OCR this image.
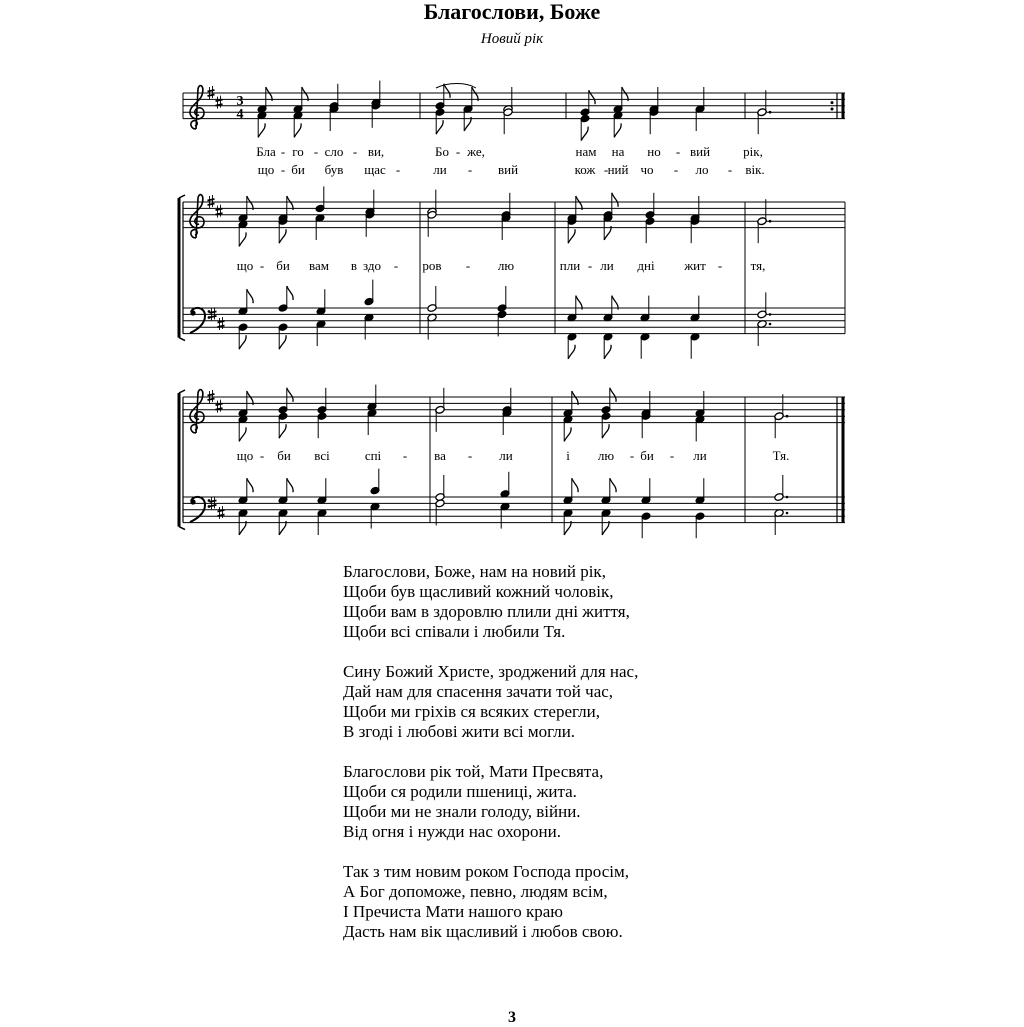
Благослови, Боже
Новий рік
3
4
Бла - го - сло - ви,	Бо - же,	нам на но - вий	рік,
що - би був щас -	ли - вий	кож - ний чо - ло - вік.
що - би вам в здо - ров - лю	пли - ли дні жит - тя,
що - би всі	спі - ва - ли	і лю - би - ли	Тя.
Благослови, Боже, нам на новий рік,
Щоби був щасливий кожний чоловік,
Щоби вам в здоровлю плили дні життя,
Щоби всі співали і любили Тя.
Сину Божий Христе, зроджений для нас,
Дай нам для спасення зачати той час,
Щоби ми гріхів ся всяких стерегли,
В згоді і любові жити всі могли.
Благослови рік той, Мати Пресвята,
Щоби ся родили пшениці, жита.
Щоби ми не знали голоду, війни.
Від огня і нужди нас охорони.
Так з тим новим роком Господа просім,
А Бог допоможе, певно, людям всім,
І Пречиста Мати нашого краю
Дасть нам вік щасливий і любов свою.
3
